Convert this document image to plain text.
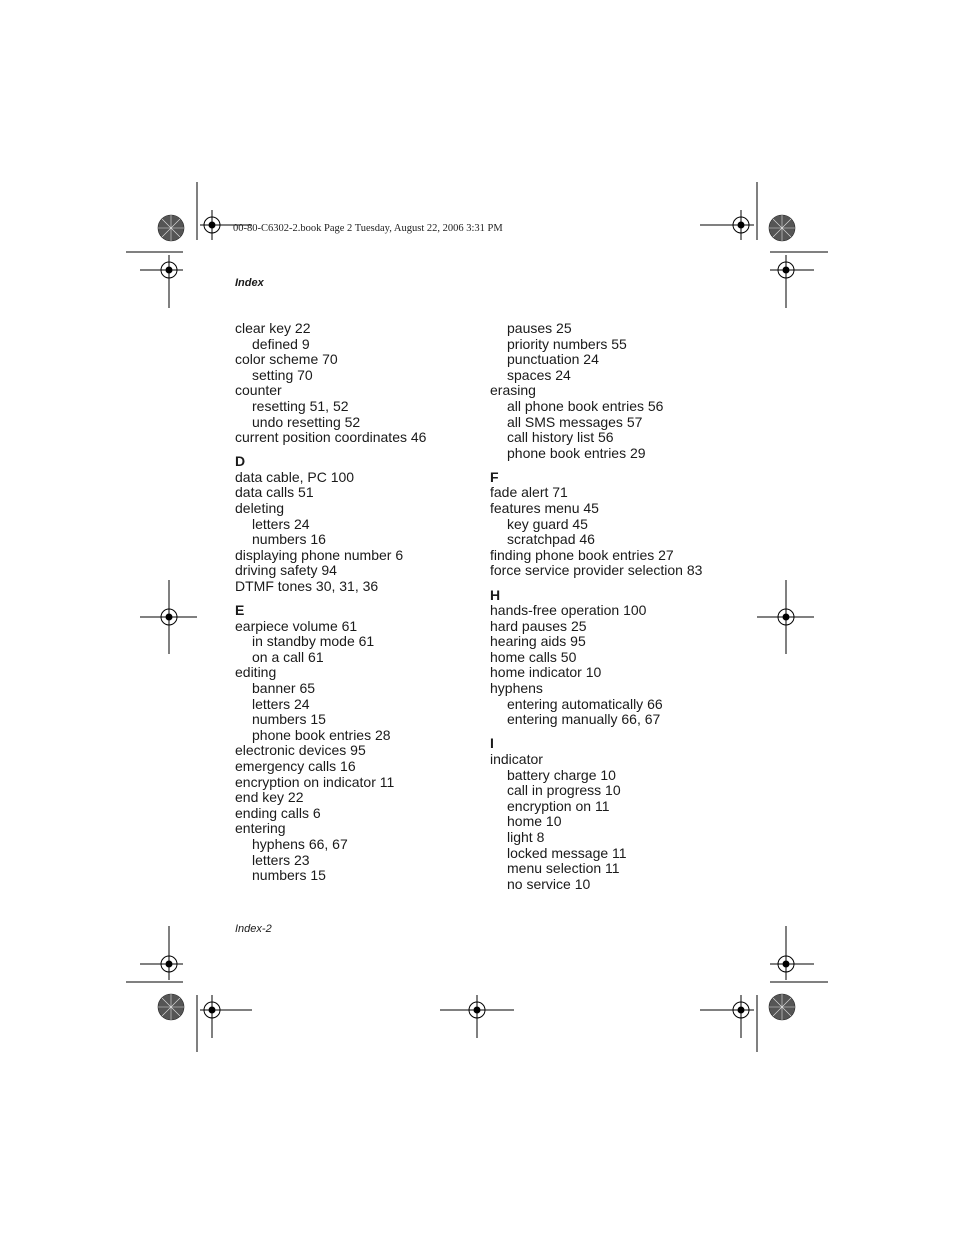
00-80-C6302-2.book Page 2 Tuesday, August 22, 2006 3:31 PM
Index
clear key 22
defined 9
color scheme 70
setting 70
counter
resetting 51, 52
undo resetting 52
current position coordinates 46
D
data cable, PC 100
data calls 51
deleting
letters 24
numbers 16
displaying phone number 6
driving safety 94
DTMF tones 30, 31, 36
E
earpiece volume 61
in standby mode 61
on a call 61
editing
banner 65
letters 24
numbers 15
phone book entries 28
electronic devices 95
emergency calls 16
encryption on indicator 11
end key 22
ending calls 6
entering
hyphens 66, 67
letters 23
numbers 15
pauses 25
priority numbers 55
punctuation 24
spaces 24
erasing
all phone book entries 56
all SMS messages 57
call history list 56
phone book entries 29
F
fade alert 71
features menu 45
key guard 45
scratchpad 46
finding phone book entries 27
force service provider selection 83
H
hands-free operation 100
hard pauses 25
hearing aids 95
home calls 50
home indicator 10
hyphens
entering automatically 66
entering manually 66, 67
I
indicator
battery charge 10
call in progress 10
encryption on 11
home 10
light 8
locked message 11
menu selection 11
no service 10
Index-2
